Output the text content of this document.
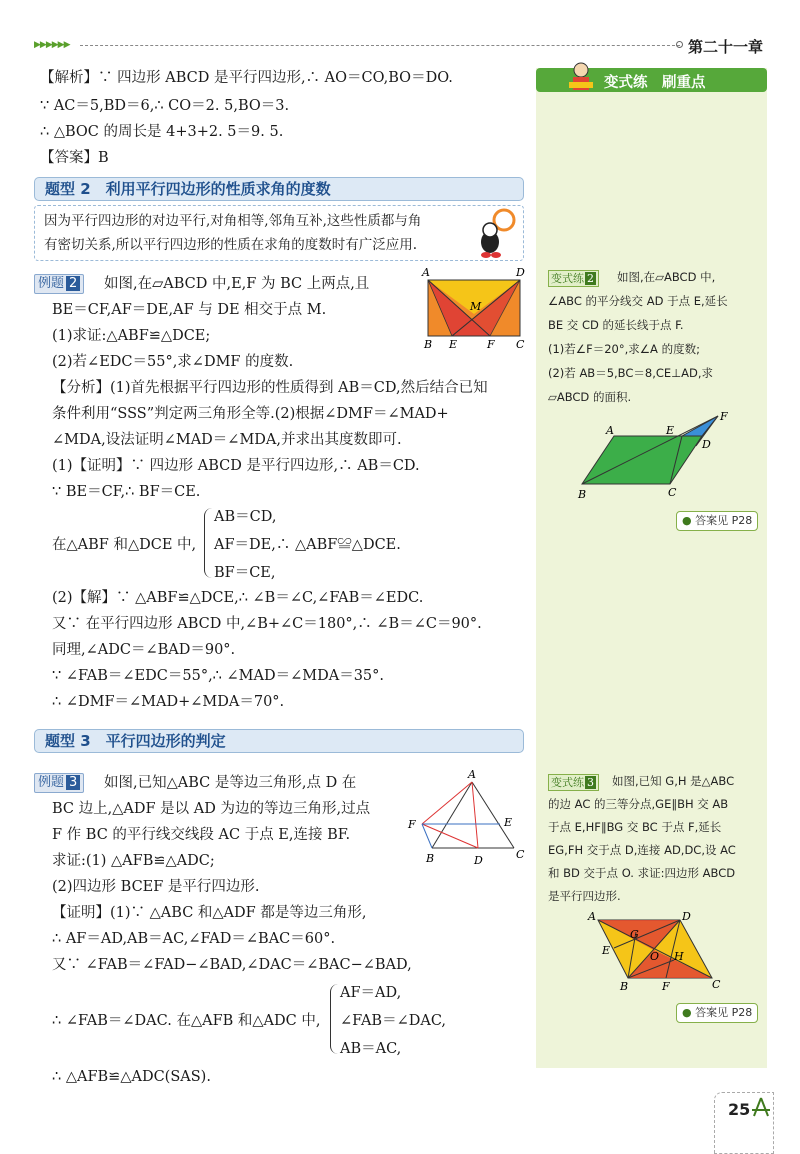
▶▶▶▶▶▶	第二十一章
【解析】∵ 四边形 ABCD 是平行四边形,∴ AO＝CO,BO＝DO.
∵ AC＝5,BD＝6,∴ CO＝2. 5,BO＝3.
∴ △BOC 的周长是 4+3+2. 5＝9. 5.
【答案】B
题型 2　利用平行四边形的性质求角的度数
因为平行四边形的对边平行,对角相等,邻角互补,这些性质都与角
有密切关系,所以平行四边形的性质在求角的度数时有广泛应用.
例题 2	如图,在▱ABCD 中,E,F 为 BC 上两点,且
BE＝CF,AF＝DE,AF 与 DE 相交于点 M.
(1)求证:△ABF≌△DCE;
(2)若∠EDC＝55°,求∠DMF 的度数.
【分析】(1)首先根据平行四边形的性质得到 AB＝CD,然后结合已知
条件利用“SSS”判定两三角形全等.(2)根据∠DMF＝∠MAD+
∠MDA,设法证明∠MAD＝∠MDA,并求出其度数即可.
(1)【证明】∵ 四边形 ABCD 是平行四边形,∴ AB＝CD.
∵ BE＝CF,∴ BF＝CE.
在△ABF 和△DCE 中,
AB＝CD,
AF＝DE,∴ △ABF≌△DCE.
BF＝CE,
(2)【解】∵ △ABF≌△DCE,∴ ∠B＝∠C,∠FAB＝∠EDC.
又∵ 在平行四边形 ABCD 中,∠B+∠C＝180°,∴ ∠B＝∠C＝90°.
同理,∠ADC＝∠BAD＝90°.
∵ ∠FAB＝∠EDC＝55°,∴ ∠MAD＝∠MDA＝35°.
∴ ∠DMF＝∠MAD+∠MDA＝70°.
A	D
M
B E	F C
题型 3　平行四边形的判定
例题 3	如图,已知△ABC 是等边三角形,点 D 在
BC 边上,△ADF 是以 AD 为边的等边三角形,过点
F 作 BC 的平行线交线段 AC 于点 E,连接 BF.
求证:(1) △AFB≌△ADC;
(2)四边形 BCEF 是平行四边形.
【证明】(1)∵ △ABC 和△ADF 都是等边三角形,
∴ AF＝AD,AB＝AC,∠FAD＝∠BAC＝60°.
又∵ ∠FAB＝∠FAD−∠BAD,∠DAC＝∠BAC−∠BAD,
∴ ∠FAB＝∠DAC. 在△AFB 和△ADC 中,
AF＝AD,
∠FAB＝∠DAC,
AB＝AC,
∴ △AFB≌△ADC(SAS).
A
F	E
B	D	C
变式练　刷重点
变式练 2	如图,在▱ABCD 中,
∠ABC 的平分线交 AD 于点 E,延长
BE 交 CD 的延长线于点 F.
(1)若∠F＝20°,求∠A 的度数;
(2)若 AB＝5,BC＝8,CE⊥AD,求
▱ABCD 的面积.
A	E
F
D
B	C
● 答案见 P28
变式练 3	如图,已知 G,H 是△ABC
的边 AC 的三等分点,GE∥BH 交 AB
于点 E,HF∥BG 交 BC 于点 F,延长
EG,FH 交于点 D,连接 AD,DC,设 AC
和 BD 交于点 O. 求证:四边形 ABCD
是平行四边形.
A	D
G
E	O H
B	F	C
● 答案见 P28
25
